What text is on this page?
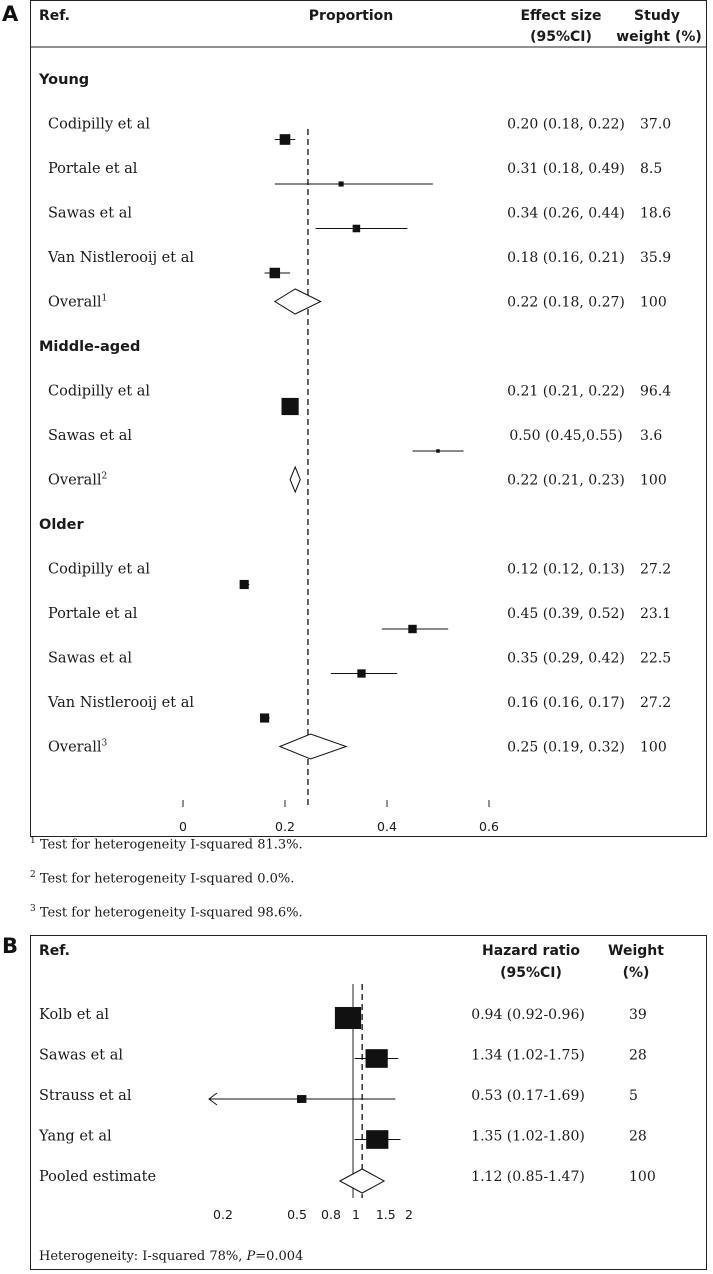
A Ref.	Proportion	Effect size
(95%CI)
Study
weight (%)
0	0.2	0.4	0.6
Young
Codipilly et al	0.20 (0.18, 0.22) 37.0
Portale et al	0.31 (0.18, 0.49) 8.5
Sawas et al	0.34 (0.26, 0.44) 18.6
Van Nistlerooij et al	0.18 (0.16, 0.21) 35.9
Overall$^1$	0.22 (0.18, 0.27) 100
Middle-aged
Codipilly et al	0.21 (0.21, 0.22) 96.4
Sawas et al	0.50 (0.45,0.55) 3.6
Overall$^2$	0.22 (0.21, 0.23) 100
Older
Codipilly et al	0.12 (0.12, 0.13) 27.2
Portale et al	0.45 (0.39, 0.52) 23.1
Sawas et al	0.35 (0.29, 0.42) 22.5
Van Nistlerooij et al	0.16 (0.16, 0.17) 27.2
Overall$^3$	0.25 (0.19, 0.32) 100
$^1$ Test for heterogeneity I-squared 81.3%.
$^2$ Test for heterogeneity I-squared 0.0%.
$^3$ Test for heterogeneity I-squared 98.6%.
B Ref.	Hazard ratio
(95%CI)
Weight
(%)
Heterogeneity: I-squared 78%, P=0.004
0.2	0.5 0.8 1 1.5 2
Kolb et al	0.94 (0.92-0.96)	39
Sawas et al	1.34 (1.02-1.75)	28
Strauss et al	0.53 (0.17-1.69)	5
Yang et al	1.35 (1.02-1.80)	28
Pooled estimate	1.12 (0.85-1.47)	100
